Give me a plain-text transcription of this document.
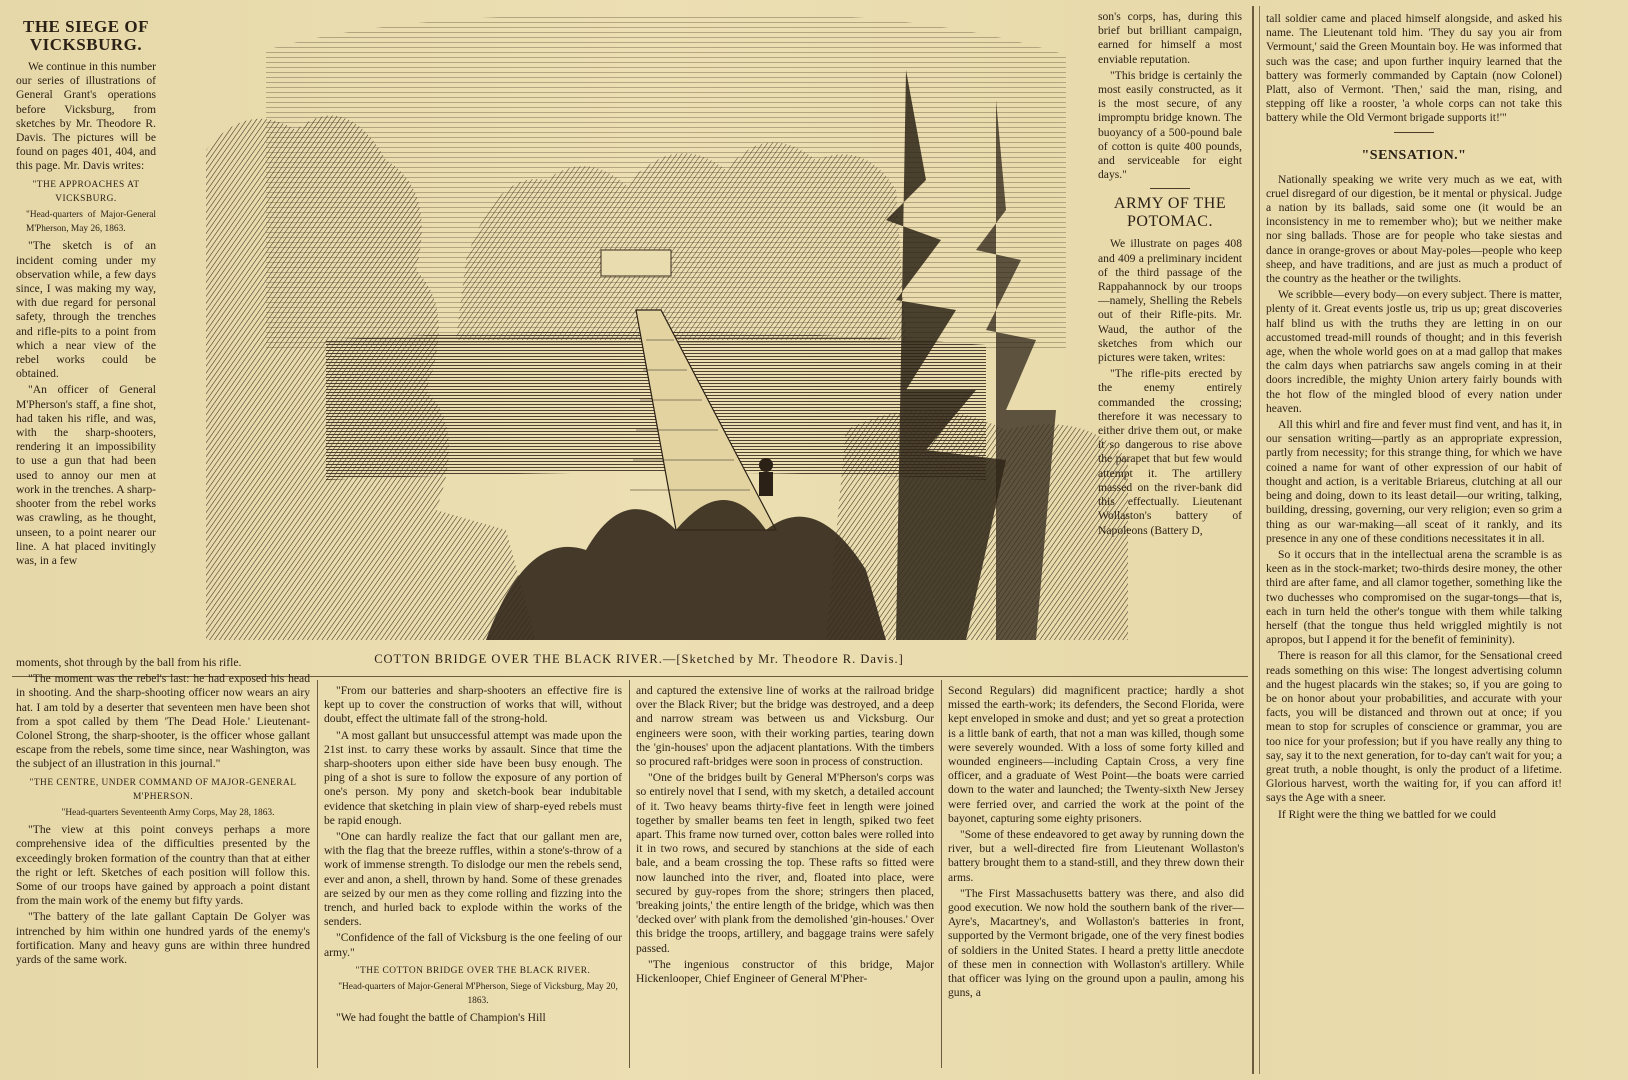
THE SIEGE OF VICKSBURG.

We continue in this number our series of illustrations of General Grant's operations before Vicksburg, from sketches by Mr. Theodore R. Davis. The pictures will be found on pages 401, 404, and this page. Mr. Davis writes:

"THE APPROACHES AT VICKSBURG.
"Head-quarters of Major-General M'Pherson, May 26, 1863.

"The sketch is of an incident coming under my observation while, a few days since, I was making my way, with due regard for personal safety, through the trenches and rifle-pits to a point from which a near view of the rebel works could be obtained.

"An officer of General M'Pherson's staff, a fine shot, had taken his rifle, and was, with the sharp-shooters, rendering it an impossibility to use a gun that had been used to annoy our men at work in the trenches. A sharp-shooter from the rebel works was crawling, as he thought, unseen, to a point nearer our line. A hat placed invitingly was, in a few

COTTON BRIDGE OVER THE BLACK RIVER.—[Sketched by Mr. Theodore R. Davis.]

son's corps, has, during this brief but brilliant campaign, earned for himself a most enviable reputation.

"This bridge is certainly the most easily constructed, as it is the most secure, of any impromptu bridge known. The buoyancy of a 500-pound bale of cotton is quite 400 pounds, and serviceable for eight days."

ARMY OF THE POTOMAC.

We illustrate on pages 408 and 409 a preliminary incident of the third passage of the Rappahannock by our troops—namely, Shelling the Rebels out of their Rifle-pits. Mr. Waud, the author of the sketches from which our pictures were taken, writes:

"The rifle-pits erected by the enemy entirely commanded the crossing; therefore it was necessary to either drive them out, or make it so dangerous to rise above the parapet that but few would attempt it. The artillery massed on the river-bank did this effectually. Lieutenant Wollaston's battery of Napoleons (Battery D,

moments, shot through by the ball from his rifle.

"The moment was the rebel's last: he had exposed his head in shooting. And the sharp-shooting officer now wears an airy hat. I am told by a deserter that seventeen men have been shot from a spot called by them 'The Dead Hole.' Lieutenant-Colonel Strong, the sharp-shooter, is the officer whose gallant escape from the rebels, some time since, near Washington, was the subject of an illustration in this journal."

"THE CENTRE, UNDER COMMAND OF MAJOR-GENERAL M'PHERSON.
"Head-quarters Seventeenth Army Corps, May 28, 1863.

"The view at this point conveys perhaps a more comprehensive idea of the difficulties presented by the exceedingly broken formation of the country than that at either the right or left. Sketches of each position will follow this. Some of our troops have gained by approach a point distant from the main work of the enemy but fifty yards.

"The battery of the late gallant Captain De Golyer was intrenched by him within one hundred yards of the enemy's fortification. Many and heavy guns are within three hundred yards of the same work.

"From our batteries and sharp-shooters an effective fire is kept up to cover the construction of works that will, without doubt, effect the ultimate fall of the strong-hold.

"A most gallant but unsuccessful attempt was made upon the 21st inst. to carry these works by assault. Since that time the sharp-shooters upon either side have been busy enough. The ping of a shot is sure to follow the exposure of any portion of one's person. My pony and sketch-book bear indubitable evidence that sketching in plain view of sharp-eyed rebels must be rapid enough.

"One can hardly realize the fact that our gallant men are, with the flag that the breeze ruffles, within a stone's-throw of a work of immense strength. To dislodge our men the rebels send, ever and anon, a shell, thrown by hand. Some of these grenades are seized by our men as they come rolling and fizzing into the trench, and hurled back to explode within the works of the senders.

"Confidence of the fall of Vicksburg is the one feeling of our army."

"THE COTTON BRIDGE OVER THE BLACK RIVER.
"Head-quarters of Major-General M'Pherson, Siege of Vicksburg, May 20, 1863.

"We had fought the battle of Champion's Hill

and captured the extensive line of works at the railroad bridge over the Black River; but the bridge was destroyed, and a deep and narrow stream was between us and Vicksburg. Our engineers were soon, with their working parties, tearing down the 'gin-houses' upon the adjacent plantations. With the timbers so procured raft-bridges were soon in process of construction.

"One of the bridges built by General M'Pherson's corps was so entirely novel that I send, with my sketch, a detailed account of it. Two heavy beams thirty-five feet in length were joined together by smaller beams ten feet in length, spiked two feet apart. This frame now turned over, cotton bales were rolled into it in two rows, and secured by stanchions at the side of each bale, and a beam crossing the top. These rafts so fitted were now launched into the river, and, floated into place, were secured by guy-ropes from the shore; stringers then placed, 'breaking joints,' the entire length of the bridge, which was then 'decked over' with plank from the demolished 'gin-houses.' Over this bridge the troops, artillery, and baggage trains were safely passed.

"The ingenious constructor of this bridge, Major Hickenlooper, Chief Engineer of General M'Pher-

Second Regulars) did magnificent practice; hardly a shot missed the earth-work; its defenders, the Second Florida, were kept enveloped in smoke and dust; and yet so great a protection is a little bank of earth, that not a man was killed, though some were severely wounded. With a loss of some forty killed and wounded engineers—including Captain Cross, a very fine officer, and a graduate of West Point—the boats were carried down to the water and launched; the Twenty-sixth New Jersey were ferried over, and carried the work at the point of the bayonet, capturing some eighty prisoners.

"Some of these endeavored to get away by running down the river, but a well-directed fire from Lieutenant Wollaston's battery brought them to a stand-still, and they threw down their arms.

"The First Massachusetts battery was there, and also did good execution. We now hold the southern bank of the river—Ayre's, Macartney's, and Wollaston's batteries in front, supported by the Vermont brigade, one of the very finest bodies of soldiers in the United States. I heard a pretty little anecdote of these men in connection with Wollaston's artillery. While that officer was lying on the ground upon a paulin, among his guns, a

tall soldier came and placed himself alongside, and asked his name. The Lieutenant told him. 'They du say you air from Vermount,' said the Green Mountain boy. He was informed that such was the case; and upon further inquiry learned that the battery was formerly commanded by Captain (now Colonel) Platt, also of Vermont. 'Then,' said the man, rising, and stepping off like a rooster, 'a whole corps can not take this battery while the Old Vermont brigade supports it!'"

"SENSATION."

Nationally speaking we write very much as we eat, with cruel disregard of our digestion, be it mental or physical. Judge a nation by its ballads, said some one (it would be an inconsistency in me to remember who); but we neither make nor sing ballads. Those are for people who take siestas and dance in orange-groves or about May-poles—people who keep sheep, and have traditions, and are just as much a product of the country as the heather or the twilights.

We scribble—every body—on every subject. There is matter, plenty of it. Great events jostle us, trip us up; great discoveries half blind us with the truths they are letting in on our accustomed tread-mill rounds of thought; and in this feverish age, when the whole world goes on at a mad gallop that makes the calm days when patriarchs saw angels coming in at their doors incredible, the mighty Union artery fairly bounds with the hot flow of the mingled blood of every nation under heaven.

All this whirl and fire and fever must find vent, and has it, in our sensation writing—partly as an appropriate expression, partly from necessity; for this strange thing, for which we have coined a name for want of other expression of our habit of thought and action, is a veritable Briareus, clutching at all our being and doing, down to its least detail—our writing, talking, building, dressing, governing, our very religion; even so grim a thing as our war-making—all sceat of it rankly, and its presence in any one of these conditions necessitates it in all.

So it occurs that in the intellectual arena the scramble is as keen as in the stock-market; two-thirds desire money, the other third are after fame, and all clamor together, something like the two duchesses who compromised on the sugar-tongs—that is, each in turn held the other's tongue with them while talking herself (that the tongue thus held wriggled mightily is not apropos, but I append it for the benefit of femininity).

There is reason for all this clamor, for the Sensational creed reads something on this wise: The longest advertising column and the hugest placards win the stakes; so, if you are going to be on honor about your probabilities, and accurate with your facts, you will be distanced and thrown out at once; if you mean to stop for scruples of conscience or grammar, you are too nice for your profession; but if you have really any thing to say, say it to the next generation, for to-day can't wait for you; a great truth, a noble thought, is only the product of a lifetime. Glorious harvest, worth the waiting for, if you can afford it! says the Age with a sneer.

If Right were the thing we battled for we could
